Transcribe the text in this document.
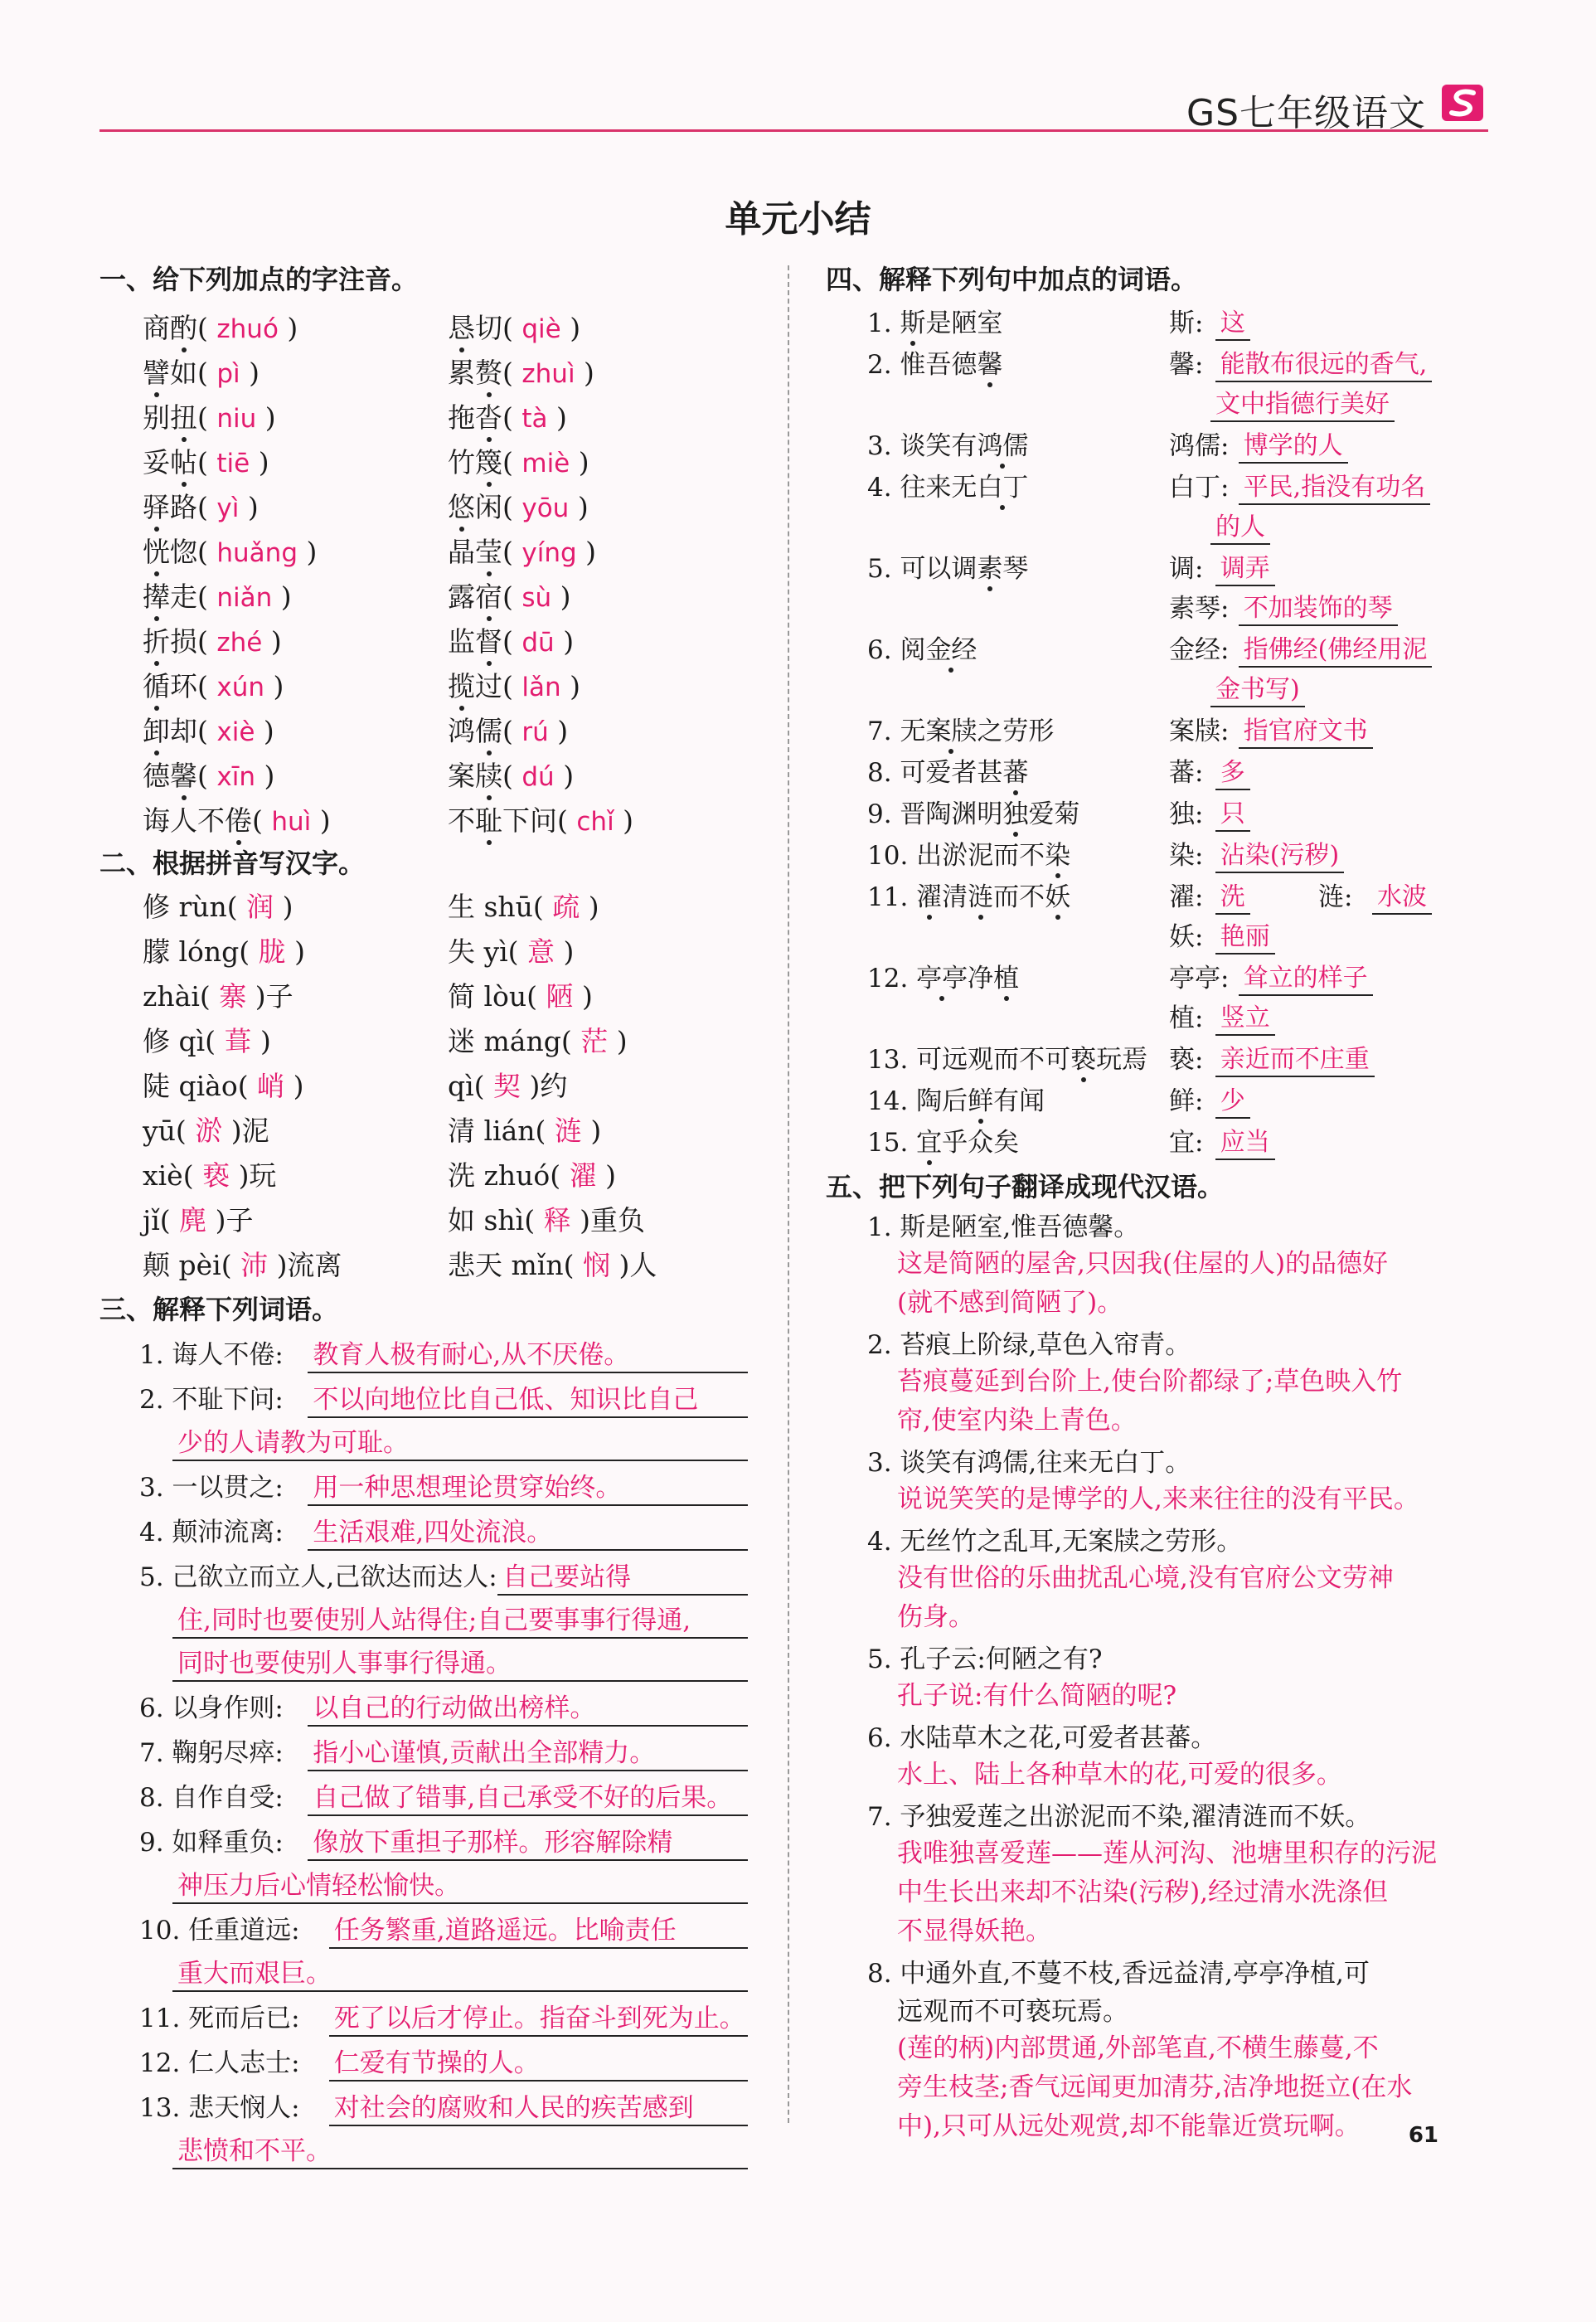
GS七年级语文
单元小结
一、给下列加点的字注音。
商酌( zhuó )
譬如( pì )
别扭( niu )
妥帖( tiē )
驿路( yì )
恍惚( huǎng )
撵走( niǎn )
折损( zhé )
循环( xún )
卸却( xiè )
德馨( xīn )
诲人不倦( huì )
恳切( qiè )
累赘( zhuì )
拖沓( tà )
竹篾( miè )
悠闲( yōu )
晶莹( yíng )
露宿( sù )
监督( dū )
揽过( lǎn )
鸿儒( rú )
案牍( dú )
不耻下问( chǐ )
二、根据拼音写汉字。
修 rùn( 润 )
朦 lóng( 胧 )
zhài( 寨 )子
修 qì( 葺 )
陡 qiào( 峭 )
yū( 淤 )泥
xiè( 亵 )玩
jǐ( 麂 )子
颠 pèi( 沛 )流离
生 shū( 疏 )
失 yì( 意 )
简 lòu( 陋 )
迷 máng( 茫 )
qì( 契 )约
清 lián( 涟 )
洗 zhuó( 濯 )
如 shì( 释 )重负
悲天 mǐn( 悯 )人
三、解释下列词语。
1. 诲人不倦: 教育人极有耐心,从不厌倦。
2. 不耻下问: 不以向地位比自己低、知识比自己
少的人请教为可耻。
3. 一以贯之: 用一种思想理论贯穿始终。
4. 颠沛流离: 生活艰难,四处流浪。
5. 己欲立而立人,己欲达而达人: 自己要站得
住,同时也要使别人站得住;自己要事事行得通,
同时也要使别人事事行得通。
6. 以身作则: 以自己的行动做出榜样。
7. 鞠躬尽瘁: 指小心谨慎,贡献出全部精力。
8. 自作自受: 自己做了错事,自己承受不好的后果。
9. 如释重负: 像放下重担子那样。形容解除精
神压力后心情轻松愉快。
10. 任重道远: 任务繁重,道路遥远。比喻责任
重大而艰巨。
11. 死而后已: 死了以后才停止。指奋斗到死为止。
12. 仁人志士: 仁爱有节操的人。
13. 悲天悯人: 对社会的腐败和人民的疾苦感到
悲愤和不平。
四、解释下列句中加点的词语。
1. 斯是陋室	斯: 这
2. 惟吾德馨	馨: 能散布很远的香气,
文中指德行美好
3. 谈笑有鸿儒	鸿儒: 博学的人
4. 往来无白丁	白丁: 平民,指没有功名
的人
5. 可以调素琴	调: 调弄
素琴: 不加装饰的琴
6. 阅金经	金经: 指佛经(佛经用泥
金书写)
7. 无案牍之劳形	案牍: 指官府文书
8. 可爱者甚蕃	蕃: 多
9. 晋陶渊明独爱菊	独: 只
10. 出淤泥而不染	染: 沾染(污秽)
11. 濯清涟而不妖	濯: 洗	涟: 水波
妖: 艳丽
12. 亭亭净植	亭亭: 耸立的样子
植: 竖立
13. 可远观而不可亵玩焉 亵: 亲近而不庄重
14. 陶后鲜有闻	鲜: 少
15. 宜乎众矣	宜: 应当
五、把下列句子翻译成现代汉语。
1. 斯是陋室,惟吾德馨。
这是简陋的屋舍,只因我(住屋的人)的品德好
(就不感到简陋了)。
2. 苔痕上阶绿,草色入帘青。
苔痕蔓延到台阶上,使台阶都绿了;草色映入竹
帘,使室内染上青色。
3. 谈笑有鸿儒,往来无白丁。
说说笑笑的是博学的人,来来往往的没有平民。
4. 无丝竹之乱耳,无案牍之劳形。
没有世俗的乐曲扰乱心境,没有官府公文劳神
伤身。
5. 孔子云:何陋之有?
孔子说:有什么简陋的呢?
6. 水陆草木之花,可爱者甚蕃。
水上、陆上各种草木的花,可爱的很多。
7. 予独爱莲之出淤泥而不染,濯清涟而不妖。
我唯独喜爱莲——莲从河沟、池塘里积存的污泥
中生长出来却不沾染(污秽),经过清水洗涤但
不显得妖艳。
8. 中通外直,不蔓不枝,香远益清,亭亭净植,可
远观而不可亵玩焉。
(莲的柄)内部贯通,外部笔直,不横生藤蔓,不
旁生枝茎;香气远闻更加清芬,洁净地挺立(在水
中),只可从远处观赏,却不能靠近赏玩啊。 61
